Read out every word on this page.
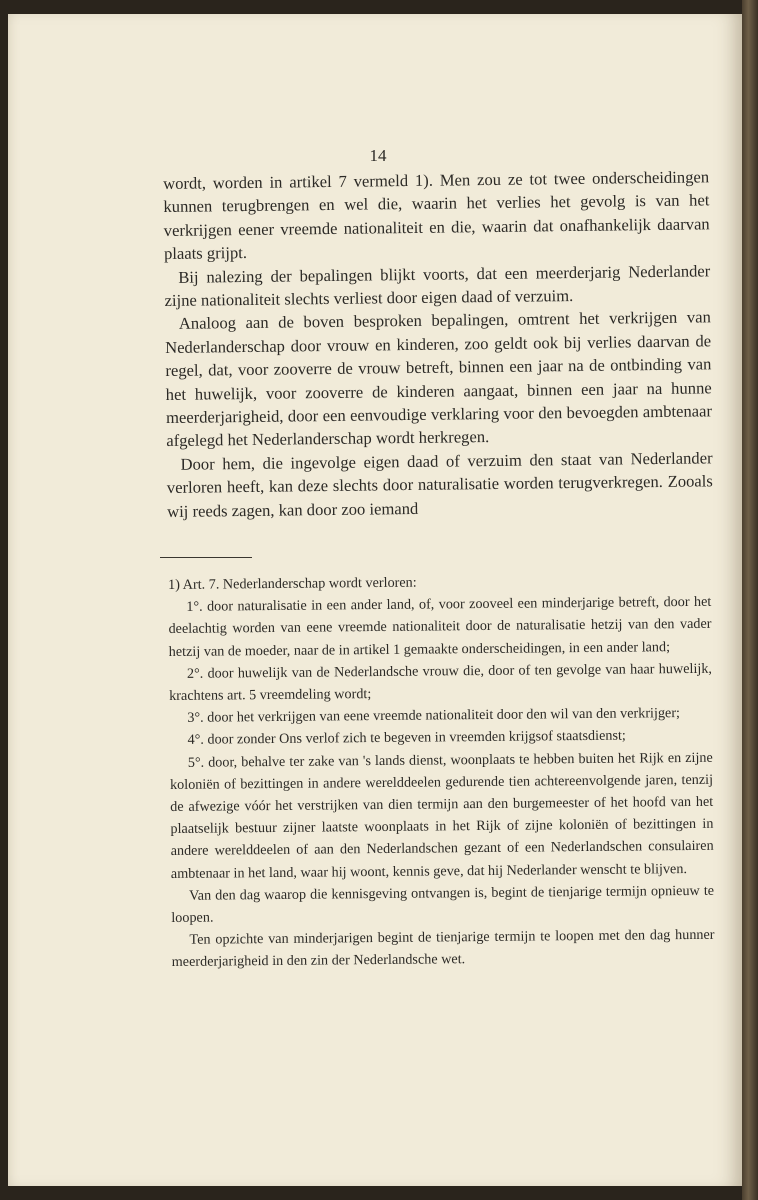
14

wordt, worden in artikel 7 vermeld 1). Men zou ze tot twee onderscheidingen kunnen terugbrengen en wel die, waarin het verlies het gevolg is van het verkrijgen eener vreemde nationaliteit en die, waarin dat onafhankelijk daarvan plaats grijpt.

Bij nalezing der bepalingen blijkt voorts, dat een meerderjarig Nederlander zijne nationaliteit slechts verliest door eigen daad of verzuim.

Analoog aan de boven besproken bepalingen, omtrent het verkrijgen van Nederlanderschap door vrouw en kinderen, zoo geldt ook bij verlies daarvan de regel, dat, voor zooverre de vrouw betreft, binnen een jaar na de ontbinding van het huwelijk, voor zooverre de kinderen aangaat, binnen een jaar na hunne meerderjarigheid, door een eenvoudige verklaring voor den bevoegden ambtenaar afgelegd het Nederlanderschap wordt herkregen.

Door hem, die ingevolge eigen daad of verzuim den staat van Nederlander verloren heeft, kan deze slechts door naturalisatie worden terugverkregen. Zooals wij reeds zagen, kan door zoo iemand

1) Art. 7. Nederlanderschap wordt verloren:

1°. door naturalisatie in een ander land, of, voor zooveel een minderjarige betreft, door het deelachtig worden van eene vreemde nationaliteit door de naturalisatie hetzij van den vader hetzij van de moeder, naar de in artikel 1 gemaakte onderscheidingen, in een ander land;

2°. door huwelijk van de Nederlandsche vrouw die, door of ten gevolge van haar huwelijk, krachtens art. 5 vreemdeling wordt;

3°. door het verkrijgen van eene vreemde nationaliteit door den wil van den verkrijger;

4°. door zonder Ons verlof zich te begeven in vreemden krijgsof staatsdienst;

5°. door, behalve ter zake van 's lands dienst, woonplaats te hebben buiten het Rijk en zijne koloniën of bezittingen in andere werelddeelen gedurende tien achtereenvolgende jaren, tenzij de afwezige vóór het verstrijken van dien termijn aan den burgemeester of het hoofd van het plaatselijk bestuur zijner laatste woonplaats in het Rijk of zijne koloniën of bezittingen in andere werelddeelen of aan den Nederlandschen gezant of een Nederlandschen consulairen ambtenaar in het land, waar hij woont, kennis geve, dat hij Nederlander wenscht te blijven.

Van den dag waarop die kennisgeving ontvangen is, begint de tienjarige termijn opnieuw te loopen.

Ten opzichte van minderjarigen begint de tienjarige termijn te loopen met den dag hunner meerderjarigheid in den zin der Nederlandsche wet.
